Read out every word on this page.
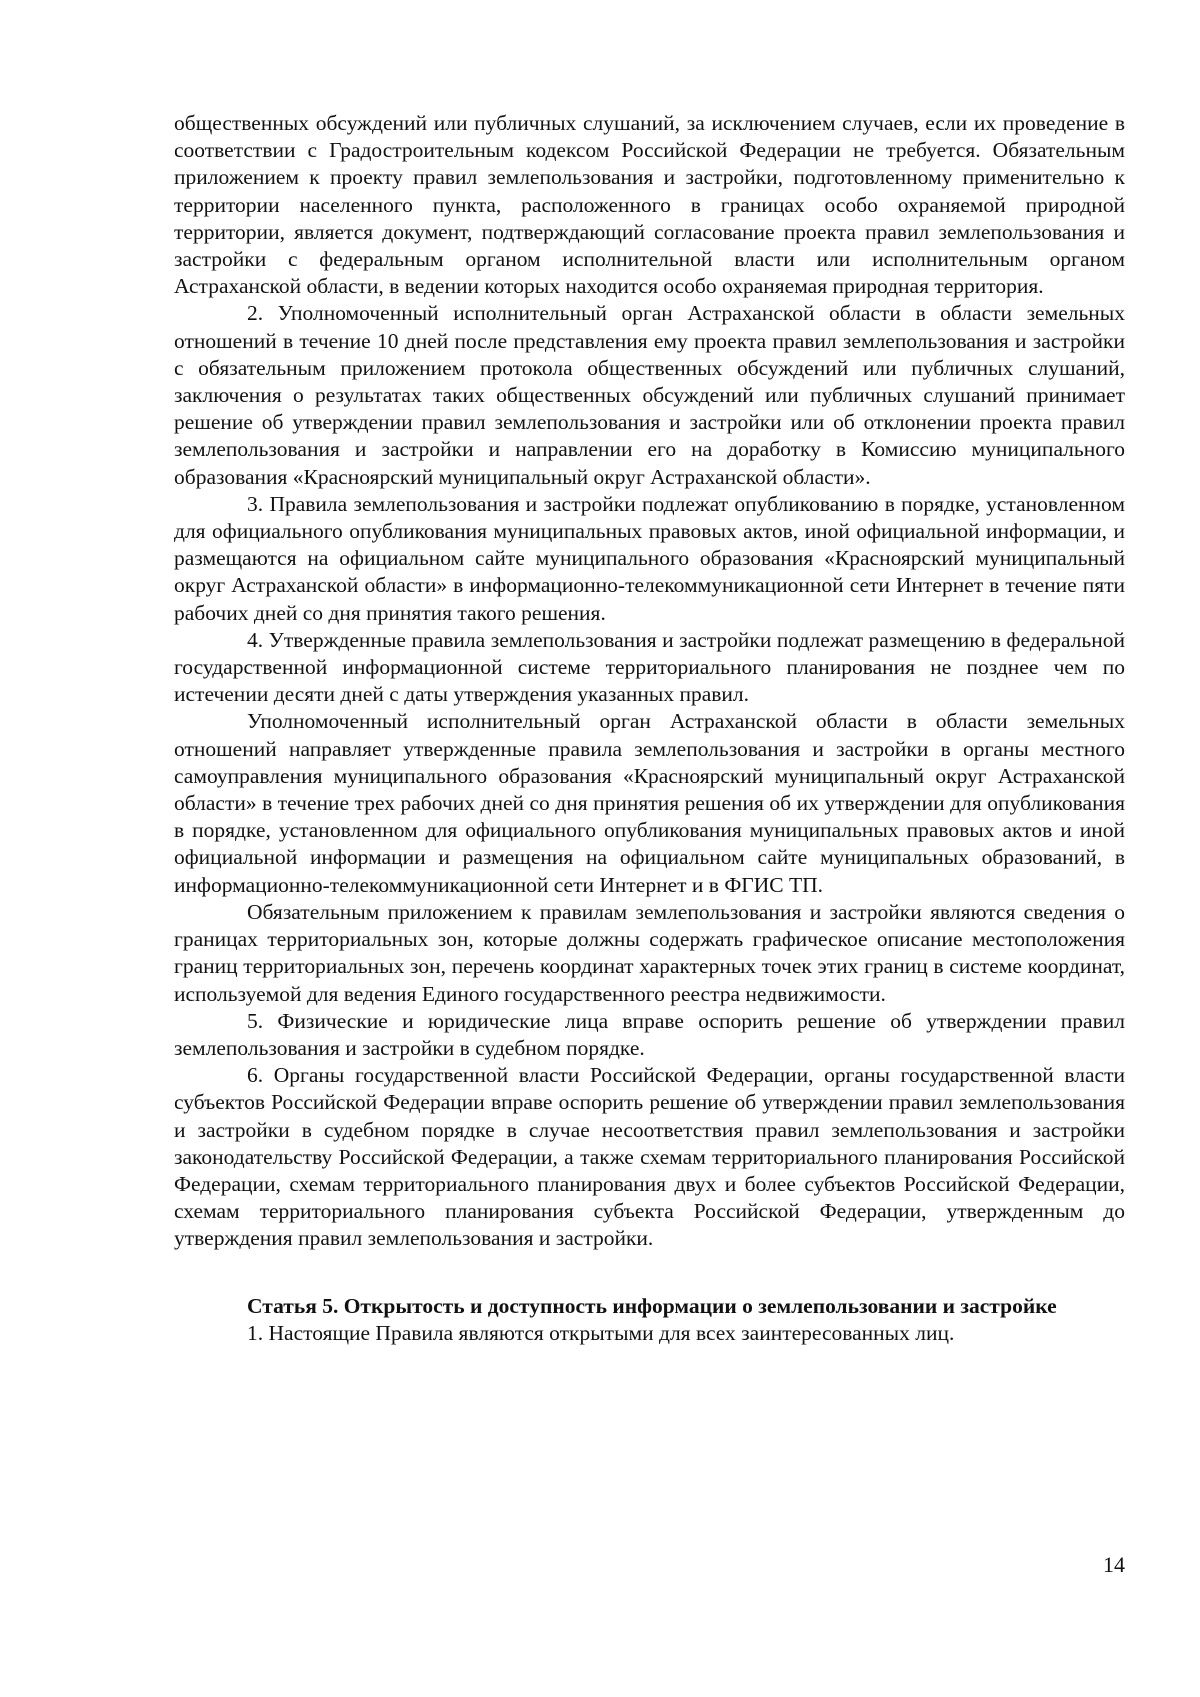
общественных обсуждений или публичных слушаний, за исключением случаев, если их проведение в соответствии с Градостроительным кодексом Российской Федерации не требуется. Обязательным приложением к проекту правил землепользования и застройки, подготовленному применительно к территории населенного пункта, расположенного в границах особо охраняемой природной территории, является документ, подтверждающий согласование проекта правил землепользования и застройки с федеральным органом исполнительной власти или исполнительным органом Астраханской области, в ведении которых находится особо охраняемая природная территория.

2. Уполномоченный исполнительный орган Астраханской области в области земельных отношений в течение 10 дней после представления ему проекта правил землепользования и застройки с обязательным приложением протокола общественных обсуждений или публичных слушаний, заключения о результатах таких общественных обсуждений или публичных слушаний принимает решение об утверждении правил землепользования и застройки или об отклонении проекта правил землепользования и застройки и направлении его на доработку в Комиссию муниципального образования «Красноярский муниципальный округ Астраханской области».

3. Правила землепользования и застройки подлежат опубликованию в порядке, установленном для официального опубликования муниципальных правовых актов, иной официальной информации, и размещаются на официальном сайте муниципального образования «Красноярский муниципальный округ Астраханской области» в информационно-телекоммуникационной сети Интернет в течение пяти рабочих дней со дня принятия такого решения.

4. Утвержденные правила землепользования и застройки подлежат размещению в федеральной государственной информационной системе территориального планирования не позднее чем по истечении десяти дней с даты утверждения указанных правил.

Уполномоченный исполнительный орган Астраханской области в области земельных отношений направляет утвержденные правила землепользования и застройки в органы местного самоуправления муниципального образования «Красноярский муниципальный округ Астраханской области» в течение трех рабочих дней со дня принятия решения об их утверждении для опубликования в порядке, установленном для официального опубликования муниципальных правовых актов и иной официальной информации и размещения на официальном сайте муниципальных образований, в информационно-телекоммуникационной сети Интернет и в ФГИС ТП.

Обязательным приложением к правилам землепользования и застройки являются сведения о границах территориальных зон, которые должны содержать графическое описание местоположения границ территориальных зон, перечень координат характерных точек этих границ в системе координат, используемой для ведения Единого государственного реестра недвижимости.

5. Физические и юридические лица вправе оспорить решение об утверждении правил землепользования и застройки в судебном порядке.

6. Органы государственной власти Российской Федерации, органы государственной власти субъектов Российской Федерации вправе оспорить решение об утверждении правил землепользования и застройки в судебном порядке в случае несоответствия правил землепользования и застройки законодательству Российской Федерации, а также схемам территориального планирования Российской Федерации, схемам территориального планирования двух и более субъектов Российской Федерации, схемам территориального планирования субъекта Российской Федерации, утвержденным до утверждения правил землепользования и застройки.

Статья 5. Открытость и доступность информации о землепользовании и застройке

1. Настоящие Правила являются открытыми для всех заинтересованных лиц.

14
